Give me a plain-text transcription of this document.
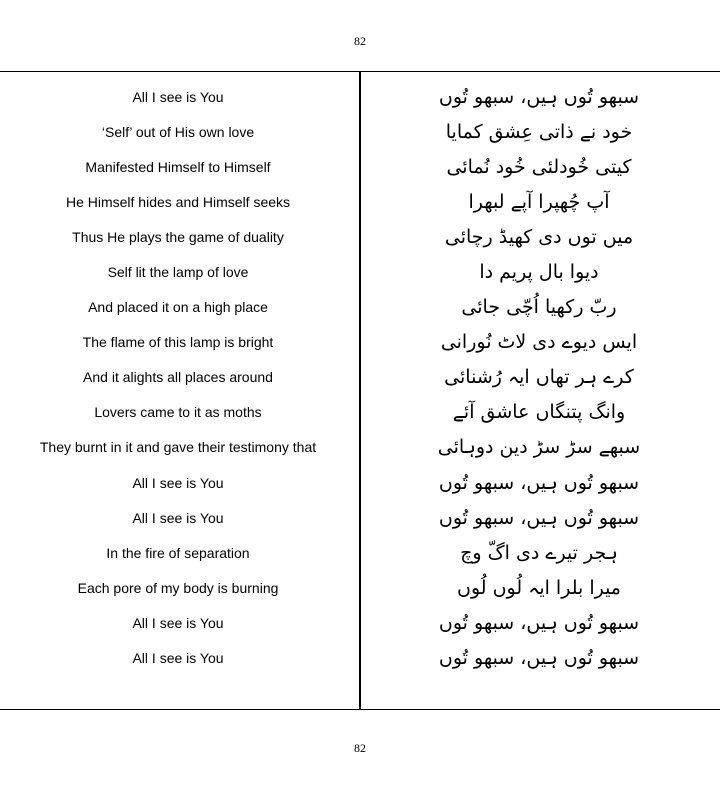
82
All I see is You
‘Self’ out of His own love
Manifested Himself to Himself
He Himself hides and Himself seeks
Thus He plays the game of duality
Self lit the lamp of love
And placed it on a high place
The flame of this lamp is bright
And it alights all places around
Lovers came to it as moths
They burnt in it and gave their testimony that
All I see is You
All I see is You
In the fire of separation
Each pore of my body is burning
All I see is You
All I see is You
سبھو تُوں ہیں، سبھو تُوں
خود نے ذاتی عِشق کمایا
کیتی خُودلئی خُود نُمائی
آپ چُھپرا آپے لبھرا
میں توں دی کھیڈ رچائی
دیوا بال پریم دا
ربّ رکھیا اُچّی جائی
ایس دیوے دی لاٹ نُورانی
کرے ہر تھاں ایہ رُشنائی
وانگ پتنگاں عاشق آئے
سبھے سڑ سڑ دین دوہائی
سبھو تُوں ہیں، سبھو تُوں
سبھو تُوں ہیں، سبھو تُوں
ہجر تیرے دی اگّ وچ
میرا بلرا ایہ لُوں لُوں
سبھو تُوں ہیں، سبھو تُوں
سبھو تُوں ہیں، سبھو تُوں
82
